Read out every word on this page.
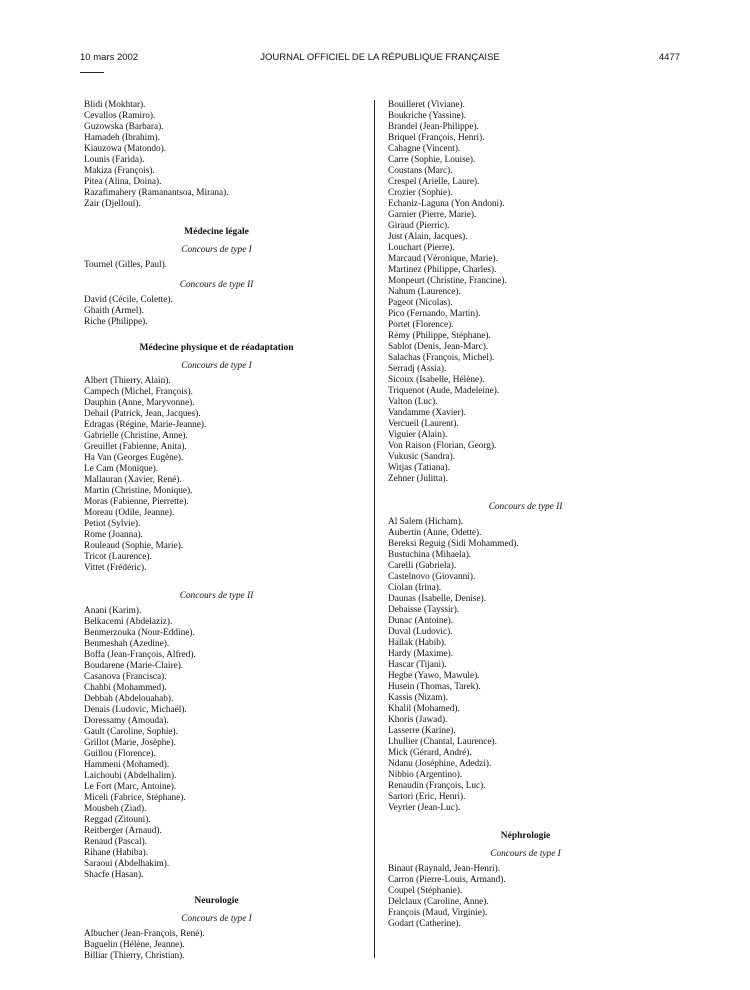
10 mars 2002	JOURNAL OFFICIEL DE LA RÉPUBLIQUE FRANÇAISE	4477
Blidi (Mokhtar).
Cevallos (Ramiro).
Guzowska (Barbara).
Hamadeh (Ibrahim).
Kiauzowa (Matondo).
Lounis (Farida).
Makiza (François).
Pitea (Alina, Doina).
Razafimahery (Ramanantsoa, Mirana).
Zair (Djelloul).
Médecine légale
Concours de type I
Tournel (Gilles, Paul).
Concours de type II
David (Cécile, Colette).
Ghaith (Armel).
Riche (Philippe).
Médecine physique et de réadaptation
Concours de type I
Albert (Thierry, Alain).
Campech (Michel, François).
Dauphin (Anne, Maryvonne).
Dehail (Patrick, Jean, Jacques).
Edragas (Régine, Marie-Jeanne).
Gabrielle (Christine, Anne).
Greuillet (Fabienne, Anita).
Ha Van (Georges Eugène).
Le Cam (Monique).
Mallauran (Xavier, René).
Martin (Christine, Monique).
Moras (Fabienne, Pierrette).
Moreau (Odile, Jeanne).
Petiot (Sylvie).
Rome (Joanna).
Rouleaud (Sophie, Marie).
Tricot (Laurence).
Vittet (Frédéric).
Concours de type II
Anani (Karim).
Belkacemi (Abdelaziz).
Benmerzouka (Nour-Eddine).
Benmeshah (Azedine).
Boffa (Jean-François, Alfred).
Boudarene (Marie-Claire).
Casanova (Francisca).
Chahbi (Mohammed).
Debbah (Abdelouahab).
Denais (Ludovic, Michaël).
Doressamy (Amouda).
Gault (Caroline, Sophie).
Grillot (Marie, Josèphe).
Guillou (Florence).
Hammeni (Mohamed).
Laichoubi (Abdelhalim).
Le Fort (Marc, Antoine).
Miceli (Fabrice, Stéphane).
Mousbeh (Ziad).
Reggad (Zitouni).
Reitberger (Arnaud).
Renaud (Pascal).
Rihane (Habiba).
Saraoui (Abdelhakim).
Shacfe (Hasan).
Neurologie
Concours de type I
Albucher (Jean-François, René).
Baguelin (Hélène, Jeanne).
Billiar (Thierry, Christian).
Bouilleret (Viviane).
Boukriche (Yassine).
Brandel (Jean-Philippe).
Briquel (François, Henri).
Cahagne (Vincent).
Carre (Sophie, Louise).
Coustans (Marc).
Crespel (Arielle, Laure).
Crozier (Sophie).
Echaniz-Laguna (Yon Andoni).
Garnier (Pierre, Marie).
Giraud (Pierric).
Just (Alain, Jacques).
Louchart (Pierre).
Marcaud (Véronique, Marie).
Martinez (Philippe, Charles).
Monpeurt (Christine, Francine).
Nahum (Laurence).
Pageot (Nicolas).
Pico (Fernando, Martin).
Portet (Florence).
Rémy (Philippe, Stéphane).
Sablot (Denis, Jean-Marc).
Salachas (François, Michel).
Serradj (Assia).
Sicoux (Isabelle, Hélène).
Triquenot (Aude, Madeleine).
Valton (Luc).
Vandamme (Xavier).
Vercueil (Laurent).
Viguier (Alain).
Von Raison (Florian, Georg).
Vukusic (Sandra).
Witjas (Tatiana).
Zehner (Julitta).
Concours de type II
Al Salem (Hicham).
Aubertin (Anne, Odette).
Bereksi Reguig (Sidi Mohammed).
Bustuchina (Mihaela).
Carelli (Gabriela).
Castelnovo (Giovanni).
Ciolan (Irina).
Daunas (Isabelle, Denise).
Debaisse (Tayssir).
Dunac (Antoine).
Duval (Ludovic).
Hallak (Habib).
Hardy (Maxime).
Hascar (Tijani).
Hegbe (Yawo, Mawule).
Husein (Thomas, Tarek).
Kassis (Nizam).
Khalil (Mohamed).
Khoris (Jawad).
Lasserre (Karine).
Lhullier (Chantal, Laurence).
Mick (Gérard, André).
Ndanu (Joséphine, Adedzi).
Nibbio (Argentino).
Renaudin (François, Luc).
Sartori (Eric, Henri).
Veyrier (Jean-Luc).
Néphrologie
Concours de type I
Binaut (Raynald, Jean-Henri).
Carron (Pierre-Louis, Armand).
Coupel (Stéphanie).
Delclaux (Caroline, Anne).
François (Maud, Virginie).
Godart (Catherine).
